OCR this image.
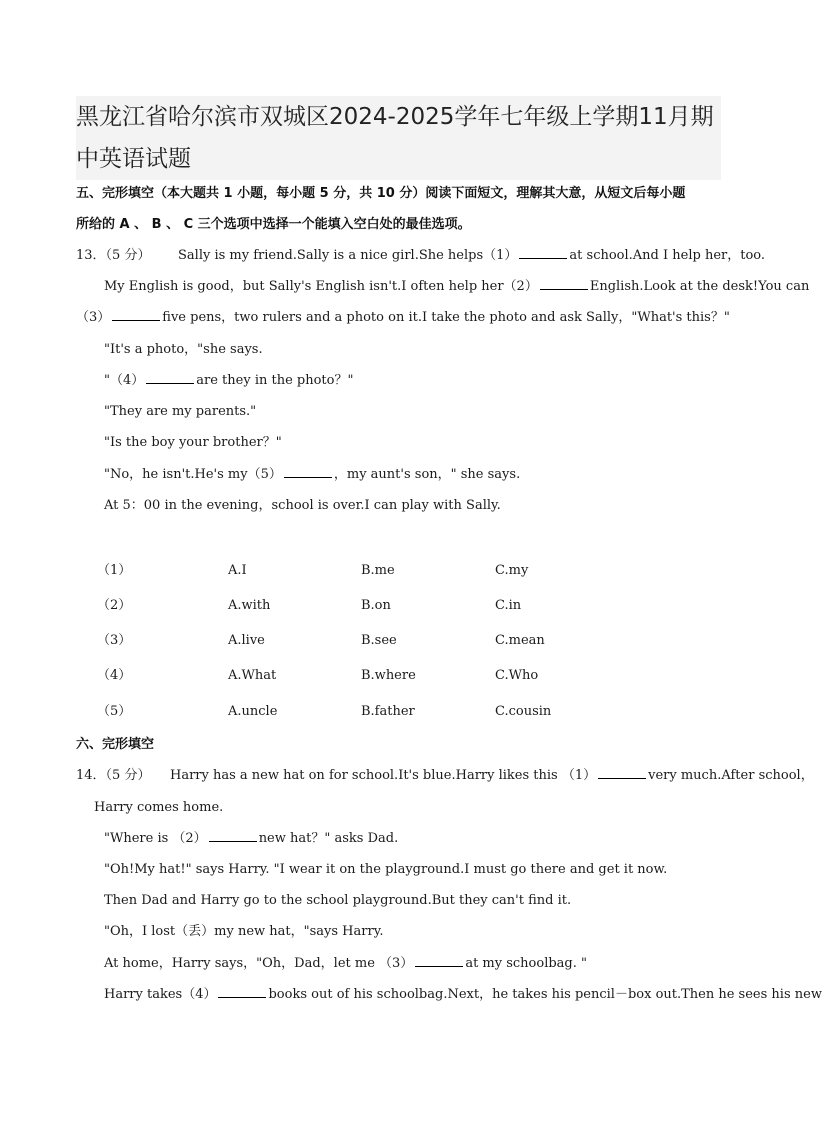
黑龙江省哈尔滨市双城区2024-2025学年七年级上学期11月期中英语试题
五、完形填空（本大题共 1 小题，每小题 5 分，共 10 分）阅读下面短文，理解其大意，从短文后每小题
所给的 A 、 B 、 C 三个选项中选择一个能填入空白处的最佳选项。
13．（5 分） Sally is my friend.Sally is a nice girl.She helps（1）	at school.And I help her，too.
My English is good，but Sally's English isn't.I often help her（2）	English.Look at the desk!You can
（3）	five pens，two rulers and a photo on it.I take the photo and ask Sally，"What's this？"
"It's a photo，"she says.
"（4）	are they in the photo？"
"They are my parents."
"Is the boy your brother？"
"No，he isn't.He's my（5）	，my aunt's son，" she says.
At 5：00 in the evening，school is over.I can play with Sally.
（1）	A.I	B.me	C.my
（2）	A.with	B.on	C.in
（3）	A.live	B.see	C.mean
（4）	A.What	B.where	C.Who
（5）	A.uncle	B.father	C.cousin
六、完形填空
14．（5 分） Harry has a new hat on for school.It's blue.Harry likes this （1）	very much.After school，
Harry comes home.
"Where is （2）	new hat？" asks Dad.
"Oh!My hat!" says Harry. "I wear it on the playground.I must go there and get it now.
Then Dad and Harry go to the school playground.But they can't find it.
"Oh，I lost（丢）my new hat，"says Harry.
At home，Harry says，"Oh，Dad，let me （3）	at my schoolbag. "
Harry takes（4）	books out of his schoolbag.Next，he takes his pencil－box out.Then he sees his new
